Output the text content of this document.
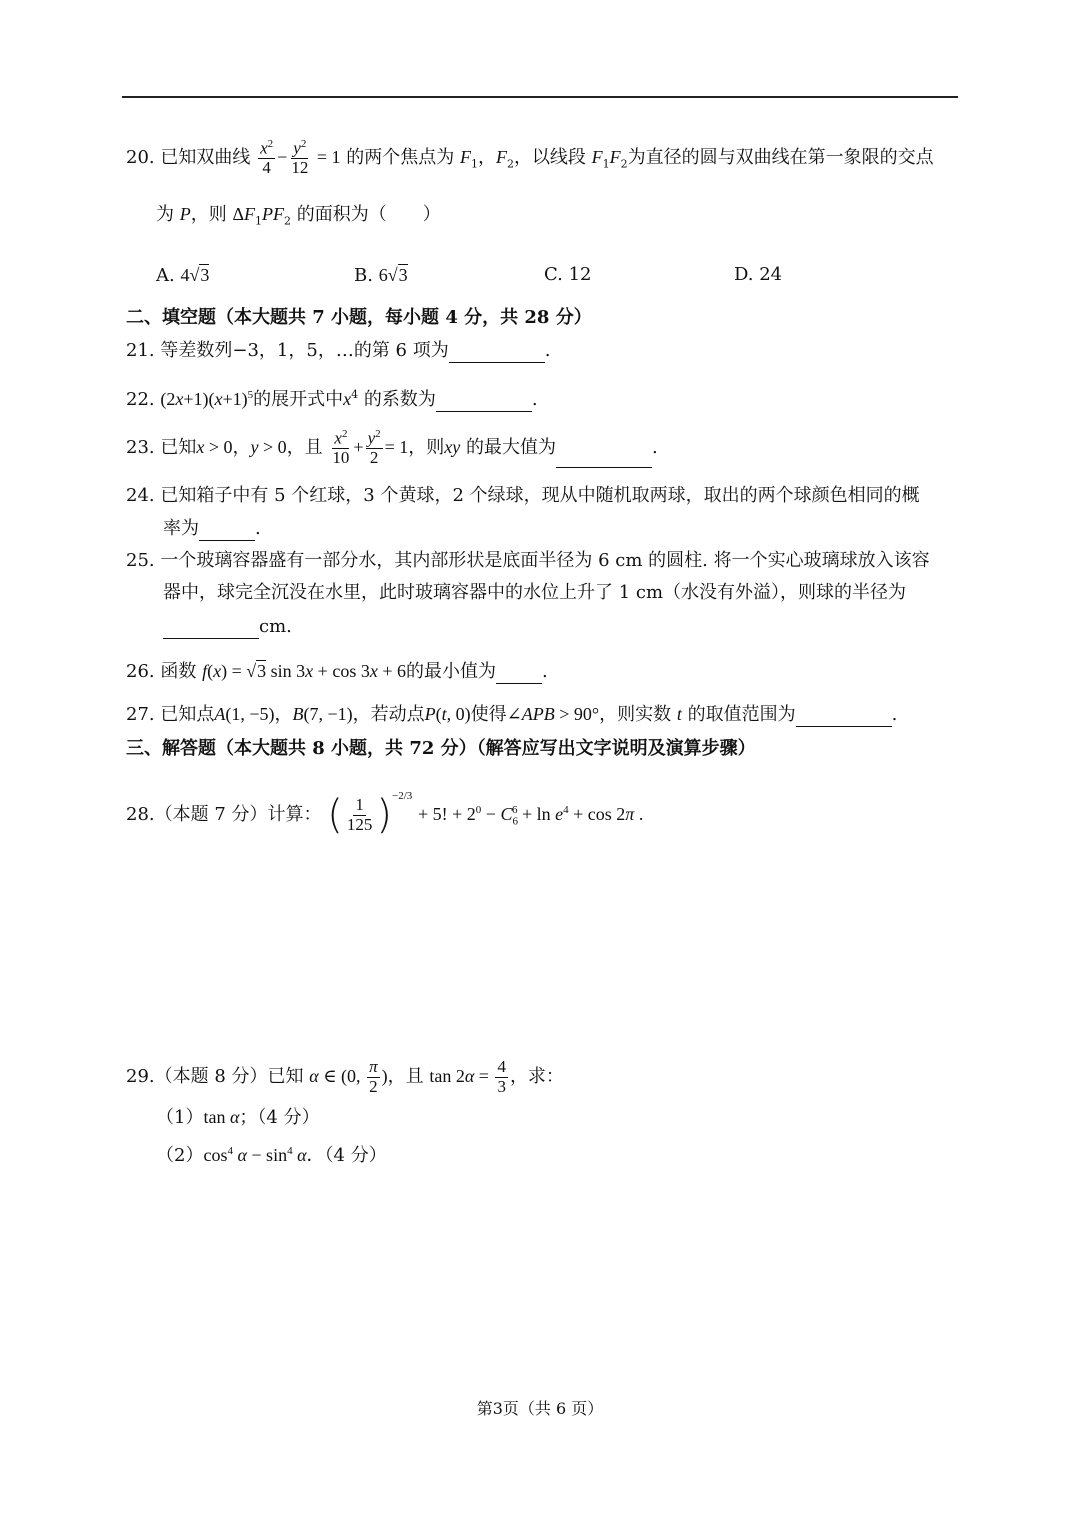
20. 已知双曲线 $\frac{x^2}{4} - \frac{y^2}{12} = 1$ 的两个焦点为 $F_1$，$F_2$，以线段 $F_1F_2$为直径的圆与双曲线在第一象限的交点
为 P，则 $\Delta F_1PF_2$ 的面积为（　　）
A. 4√3	B. 6√3	C. 12	D. 24
二、填空题（本大题共 7 小题，每小题 4 分，共 28 分）
21. 等差数列−3，1，5，…的第 6 项为	.
22. $(2x+1)(x+1)^5$的展开式中$x^4$ 的系数为	.
23. 已知x > 0，y > 0，且 $\frac{x^2}{10} + \frac{y^2}{2} = 1$，则xy 的最大值为	.
24. 已知箱子中有 5 个红球，3 个黄球，2 个绿球，现从中随机取两球，取出的两个球颜色相同的概
率为	.
25. 一个玻璃容器盛有一部分水，其内部形状是底面半径为 6 cm 的圆柱. 将一个实心玻璃球放入该容
器中，球完全沉没在水里，此时玻璃容器中的水位上升了 1 cm（水没有外溢），则球的半径为
cm.
26. 函数 f(x) = √3 sin 3x + cos 3x + 6的最小值为	.
27. 已知点A(1, −5)，B(7, −1)，若动点P(t, 0)使得∠APB > 90°，则实数 t 的取值范围为	.
三、解答题（本大题共 8 小题，共 72 分）（解答应写出文字说明及演算步骤）
28.（本题 7 分）计算： ( $\frac{1}{125} )^{-2/3} + 5$! + $2^0 - C_6^6 + \ln e^4 + \cos 2\pi$ .
29.（本题 8 分）已知 α ∈ (0, $\frac{\pi}{2}$ )，且 $\tan 2\alpha = \frac{4}{3}$ ，求：
（1）tan α；（4 分）
$(2)\cos^4$ $\alpha - \sin^4 \alpha$．（4 分）
第3页（共 6 页）
